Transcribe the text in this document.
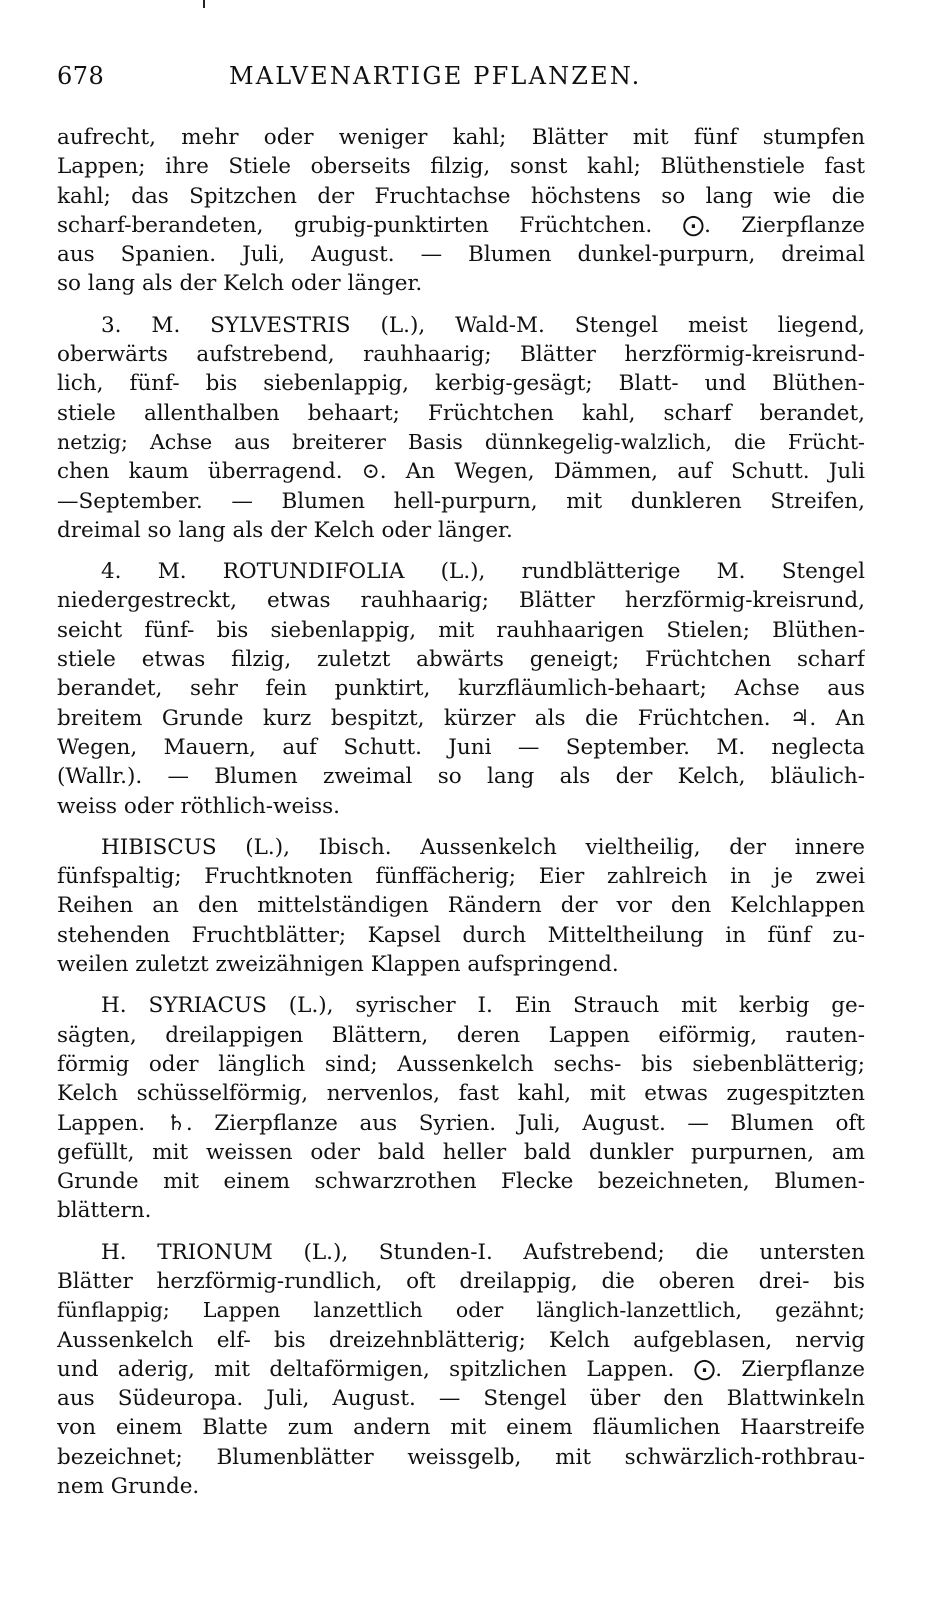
678	MALVENARTIGE PFLANZEN.
aufrecht, mehr oder weniger kahl; Blätter mit fünf stumpfen
Lappen; ihre Stiele oberseits filzig, sonst kahl; Blüthenstiele fast
kahl; das Spitzchen der Fruchtachse höchstens so lang wie die
scharf-berandeten, grubig-punktirten Früchtchen. ⨀. Zierpflanze
aus Spanien. Juli, August. — Blumen dunkel-purpurn, dreimal
so lang als der Kelch oder länger.
3. M. SYLVESTRIS (L.), Wald-M. Stengel meist liegend,
oberwärts aufstrebend, rauhhaarig; Blätter herzförmig-kreisrund-
lich, fünf- bis siebenlappig, kerbig-gesägt; Blatt- und Blüthen-
stiele allenthalben behaart; Früchtchen kahl, scharf berandet,
netzig; Achse aus breiterer Basis dünnkegelig-walzlich, die Frücht-
chen kaum überragend. ⊙. An Wegen, Dämmen, auf Schutt. Juli
—September. — Blumen hell-purpurn, mit dunkleren Streifen,
dreimal so lang als der Kelch oder länger.
4. M. ROTUNDIFOLIA (L.), rundblätterige M. Stengel
niedergestreckt, etwas rauhhaarig; Blätter herzförmig-kreisrund,
seicht fünf- bis siebenlappig, mit rauhhaarigen Stielen; Blüthen-
stiele etwas filzig, zuletzt abwärts geneigt; Früchtchen scharf
berandet, sehr fein punktirt, kurzfläumlich-behaart; Achse aus
breitem Grunde kurz bespitzt, kürzer als die Früchtchen. ♃. An
Wegen, Mauern, auf Schutt. Juni — September. M. neglecta
(Wallr.). — Blumen zweimal so lang als der Kelch, bläulich-
weiss oder röthlich-weiss.
HIBISCUS (L.), Ibisch. Aussenkelch vieltheilig, der innere
fünfspaltig; Fruchtknoten fünffächerig; Eier zahlreich in je zwei
Reihen an den mittelständigen Rändern der vor den Kelchlappen
stehenden Fruchtblätter; Kapsel durch Mitteltheilung in fünf zu-
weilen zuletzt zweizähnigen Klappen aufspringend.
H. SYRIACUS (L.), syrischer I. Ein Strauch mit kerbig ge-
sägten, dreilappigen Blättern, deren Lappen eiförmig, rauten-
förmig oder länglich sind; Aussenkelch sechs- bis siebenblätterig;
Kelch schüsselförmig, nervenlos, fast kahl, mit etwas zugespitzten
Lappen. ♄. Zierpflanze aus Syrien. Juli, August. — Blumen oft
gefüllt, mit weissen oder bald heller bald dunkler purpurnen, am
Grunde mit einem schwarzrothen Flecke bezeichneten, Blumen-
blättern.
H. TRIONUM (L.), Stunden-I. Aufstrebend; die untersten
Blätter herzförmig-rundlich, oft dreilappig, die oberen drei- bis
fünflappig; Lappen lanzettlich oder länglich-lanzettlich, gezähnt;
Aussenkelch elf- bis dreizehnblätterig; Kelch aufgeblasen, nervig
und aderig, mit deltaförmigen, spitzlichen Lappen. ⨀. Zierpflanze
aus Südeuropa. Juli, August. — Stengel über den Blattwinkeln
von einem Blatte zum andern mit einem fläumlichen Haarstreife
bezeichnet; Blumenblätter weissgelb, mit schwärzlich-rothbrau-
nem Grunde.
